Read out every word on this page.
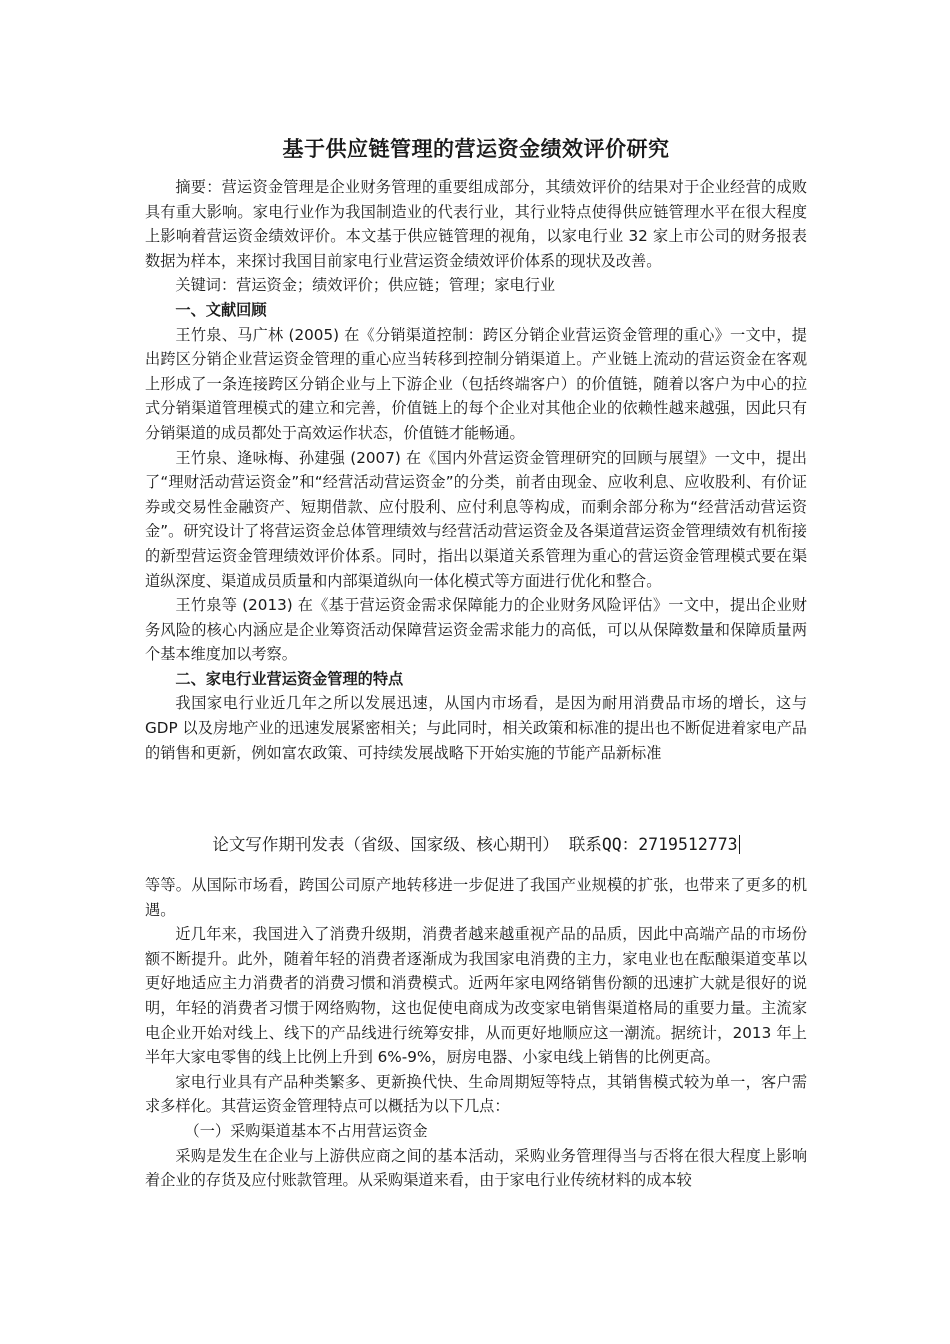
基于供应链管理的营运资金绩效评价研究

摘要：营运资金管理是企业财务管理的重要组成部分，其绩效评价的结果对于企业经营的成败具有重大影响。家电行业作为我国制造业的代表行业，其行业特点使得供应链管理水平在很大程度上影响着营运资金绩效评价。本文基于供应链管理的视角，以家电行业 32 家上市公司的财务报表数据为样本，来探讨我国目前家电行业营运资金绩效评价体系的现状及改善。

关键词：营运资金；绩效评价；供应链；管理；家电行业

一、文献回顾

王竹泉、马广林 (2005) 在《分销渠道控制：跨区分销企业营运资金管理的重心》一文中，提出跨区分销企业营运资金管理的重心应当转移到控制分销渠道上。产业链上流动的营运资金在客观上形成了一条连接跨区分销企业与上下游企业（包括终端客户）的价值链，随着以客户为中心的拉式分销渠道管理模式的建立和完善，价值链上的每个企业对其他企业的依赖性越来越强，因此只有分销渠道的成员都处于高效运作状态，价值链才能畅通。

王竹泉、逄咏梅、孙建强 (2007) 在《国内外营运资金管理研究的回顾与展望》一文中，提出了“理财活动营运资金”和“经营活动营运资金”的分类，前者由现金、应收利息、应收股利、有价证券或交易性金融资产、短期借款、应付股利、应付利息等构成，而剩余部分称为“经营活动营运资金”。研究设计了将营运资金总体管理绩效与经营活动营运资金及各渠道营运资金管理绩效有机衔接的新型营运资金管理绩效评价体系。同时，指出以渠道关系管理为重心的营运资金管理模式要在渠道纵深度、渠道成员质量和内部渠道纵向一体化模式等方面进行优化和整合。

王竹泉等 (2013) 在《基于营运资金需求保障能力的企业财务风险评估》一文中，提出企业财务风险的核心内涵应是企业筹资活动保障营运资金需求能力的高低，可以从保障数量和保障质量两个基本维度加以考察。

二、家电行业营运资金管理的特点

我国家电行业近几年之所以发展迅速，从国内市场看，是因为耐用消费品市场的增长，这与 GDP 以及房地产业的迅速发展紧密相关；与此同时，相关政策和标准的提出也不断促进着家电产品的销售和更新，例如富农政策、可持续发展战略下开始实施的节能产品新标准

论文写作期刊发表（省级、国家级、核心期刊） 联系QQ：2719512773

等等。从国际市场看，跨国公司原产地转移进一步促进了我国产业规模的扩张，也带来了更多的机遇。

近几年来，我国进入了消费升级期，消费者越来越重视产品的品质，因此中高端产品的市场份额不断提升。此外，随着年轻的消费者逐渐成为我国家电消费的主力，家电业也在酝酿渠道变革以更好地适应主力消费者的消费习惯和消费模式。近两年家电网络销售份额的迅速扩大就是很好的说明，年轻的消费者习惯于网络购物，这也促使电商成为改变家电销售渠道格局的重要力量。主流家电企业开始对线上、线下的产品线进行统筹安排，从而更好地顺应这一潮流。据统计，2013 年上半年大家电零售的线上比例上升到 6%-9%，厨房电器、小家电线上销售的比例更高。

家电行业具有产品种类繁多、更新换代快、生命周期短等特点，其销售模式较为单一，客户需求多样化。其营运资金管理特点可以概括为以下几点：

（一）采购渠道基本不占用营运资金

采购是发生在企业与上游供应商之间的基本活动，采购业务管理得当与否将在很大程度上影响着企业的存货及应付账款管理。从采购渠道来看，由于家电行业传统材料的成本较
